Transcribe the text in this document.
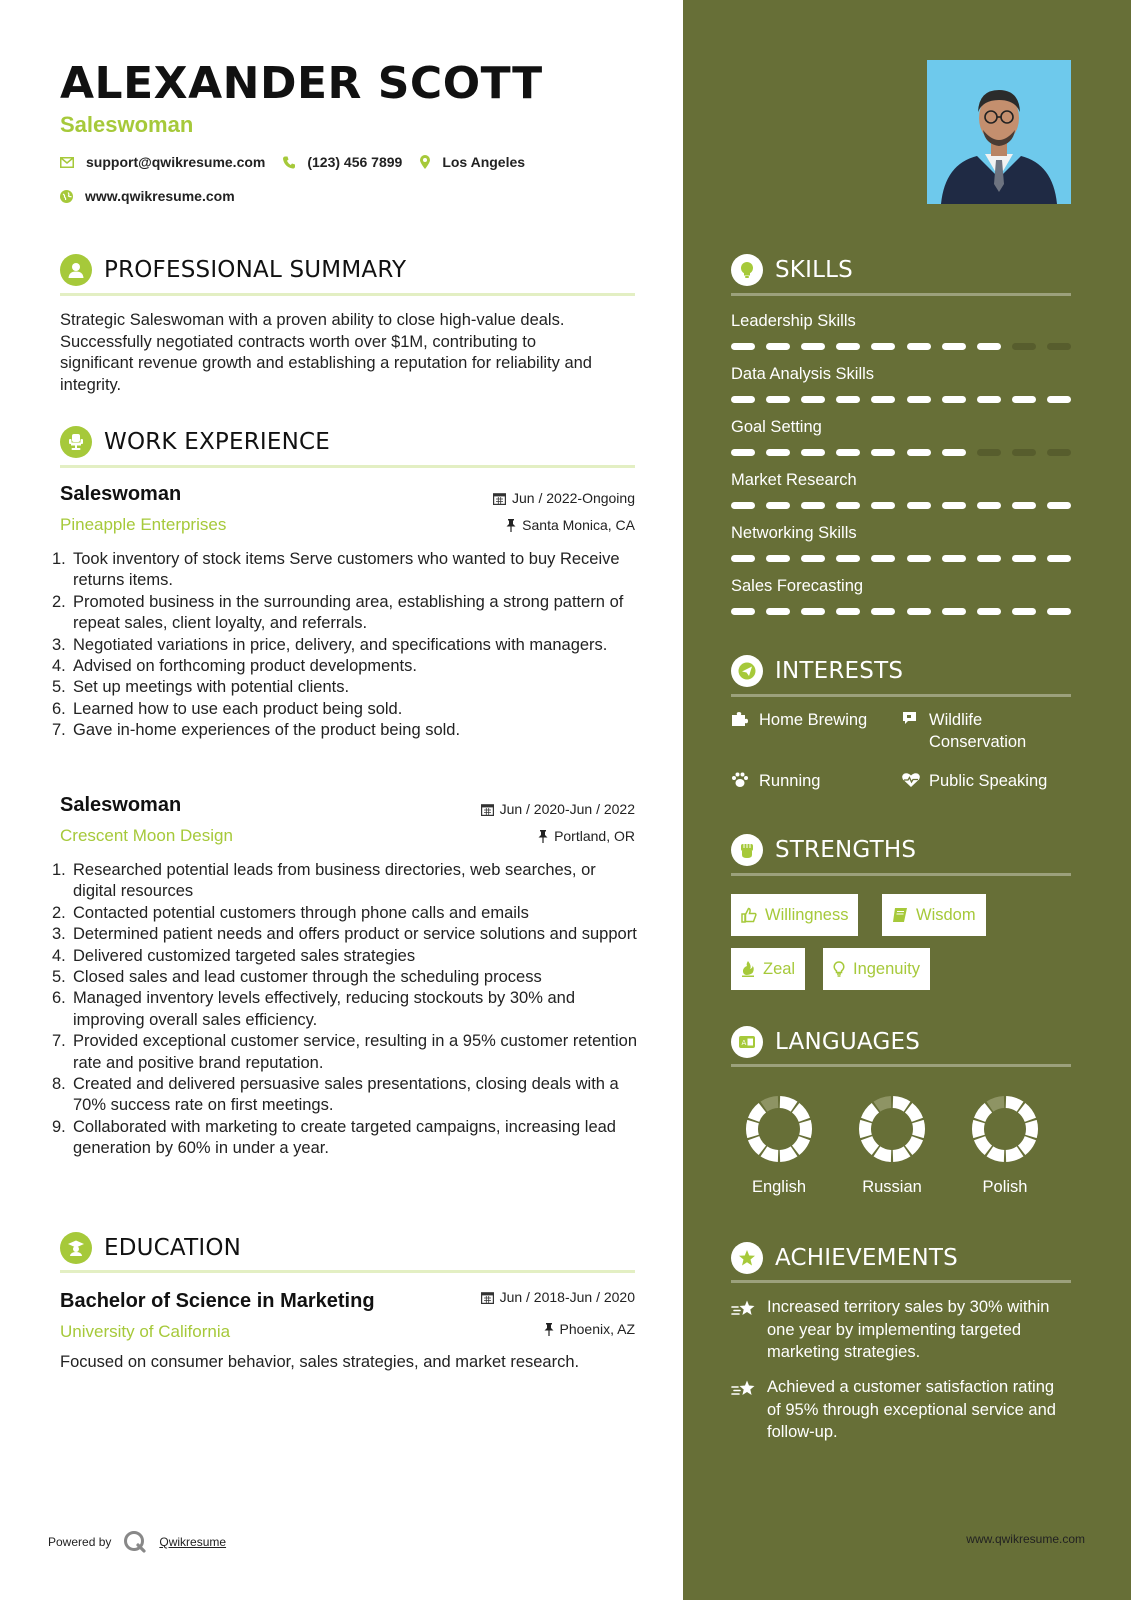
ALEXANDER SCOTT
Saleswoman
support@qwikresume.com	(123) 456 7899	Los Angeles
www.qwikresume.com
PROFESSIONAL SUMMARY
Strategic Saleswoman with a proven ability to close high-value deals. Successfully negotiated contracts worth over $1M, contributing to significant revenue growth and establishing a reputation for reliability and integrity.
WORK EXPERIENCE
Saleswoman
Pineapple Enterprises
Jun / 2022-Ongoing
Santa Monica, CA
1. Took inventory of stock items Serve customers who wanted to buy Receive returns items.
2. Promoted business in the surrounding area, establishing a strong pattern of repeat sales, client loyalty, and referrals.
3. Negotiated variations in price, delivery, and specifications with managers.
4. Advised on forthcoming product developments.
5. Set up meetings with potential clients.
6. Learned how to use each product being sold.
7. Gave in-home experiences of the product being sold.
Saleswoman
Crescent Moon Design
Jun / 2020-Jun / 2022
Portland, OR
1. Researched potential leads from business directories, web searches, or digital resources
2. Contacted potential customers through phone calls and emails
3. Determined patient needs and offers product or service solutions and support
4. Delivered customized targeted sales strategies
5. Closed sales and lead customer through the scheduling process
6. Managed inventory levels effectively, reducing stockouts by 30% and improving overall sales efficiency.
7. Provided exceptional customer service, resulting in a 95% customer retention rate and positive brand reputation.
8. Created and delivered persuasive sales presentations, closing deals with a 70% success rate on first meetings.
9. Collaborated with marketing to create targeted campaigns, increasing lead generation by 60% in under a year.
EDUCATION
Bachelor of Science in Marketing
University of California
Jun / 2018-Jun / 2020
Phoenix, AZ
Focused on consumer behavior, sales strategies, and market research.
Powered by	Qwikresume
SKILLS
Leadership Skills
Data Analysis Skills
Goal Setting
Market Research
Networking Skills
Sales Forecasting
INTERESTS
Home Brewing	Wildlife Conservation
Running	Public Speaking
STRENGTHS
Willingness	Wisdom
Zeal	Ingenuity
A LANGUAGES
English	Russian	Polish
ACHIEVEMENTS
Increased territory sales by 30% within one year by implementing targeted marketing strategies.
Achieved a customer satisfaction rating of 95% through exceptional service and follow-up.
www.qwikresume.com
